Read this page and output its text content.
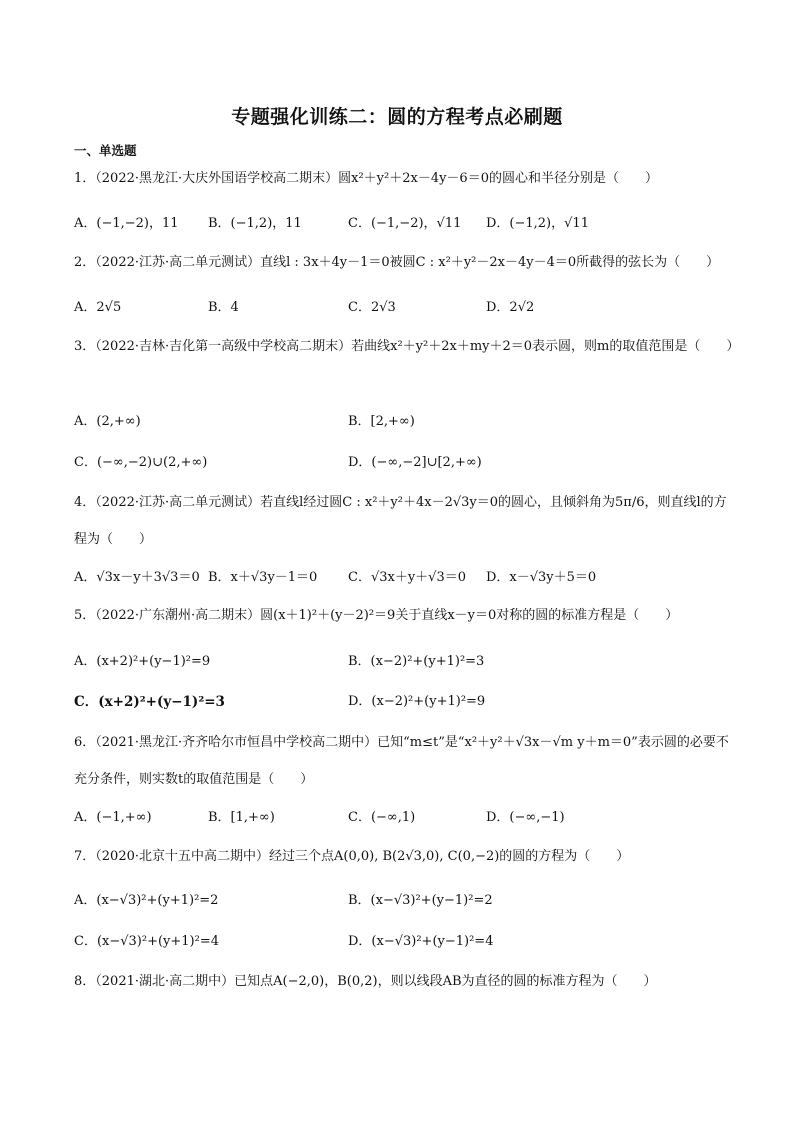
专题强化训练二：圆的方程考点必刷题
一、单选题
1．（2022·黑龙江·大庆外国语学校高二期末）圆x²＋y²＋2x－4y－6＝0的圆心和半径分别是（　　）
A．(−1,−2)，11 B．(−1,2)，11	C．(−1,−2)，√11 D．(−1,2)，√11
2．（2022·江苏·高二单元测试）直线l : 3x＋4y－1＝0被圆C : x²＋y²－2x－4y－4＝0所截得的弦长为（　　）
A．2√5	B．4	C．2√3	D．2√2
3．（2022·吉林·吉化第一高级中学校高二期末）若曲线x²＋y²＋2x＋my＋2＝0表示圆，则m的取值范围是（　　）
A．(2,+∞)	B．[2,+∞)
C．(−∞,−2)∪(2,+∞)	D．(−∞,−2]∪[2,+∞)
4．（2022·江苏·高二单元测试）若直线l经过圆C : x²＋y²＋4x－2√3y＝0的圆心，且倾斜角为5π/6，则直线l的方程为（　　）
A．√3x－y＋3√3＝0 B．x＋√3y－1＝0 C．√3x＋y＋√3＝0 D．x－√3y＋5＝0
5．（2022·广东潮州·高二期末）圆(x＋1)²＋(y－2)²＝9关于直线x－y＝0对称的圆的标准方程是（　　）
A．(x+2)²+(y−1)²=9	B．(x−2)²+(y+1)²=3
C．(x+2)²+(y−1)²=3	D．(x−2)²+(y+1)²=9
6．（2021·黑龙江·齐齐哈尔市恒昌中学校高二期中）已知“m≤t”是“x²＋y²＋√3x－√m y＋m＝0”表示圆的必要不充分条件，则实数t的取值范围是（　　）
A．(−1,+∞)	B．[1,+∞)	C．(−∞,1)	D．(−∞,−1)
7．（2020·北京十五中高二期中）经过三个点A(0,0), B(2√3,0), C(0,−2)的圆的方程为（　　）
A．(x−√3)²+(y+1)²=2	B．(x−√3)²+(y−1)²=2
C．(x−√3)²+(y+1)²=4	D．(x−√3)²+(y−1)²=4
8．（2021·湖北·高二期中）已知点A(−2,0)，B(0,2)，则以线段AB为直径的圆的标准方程为（　　）
